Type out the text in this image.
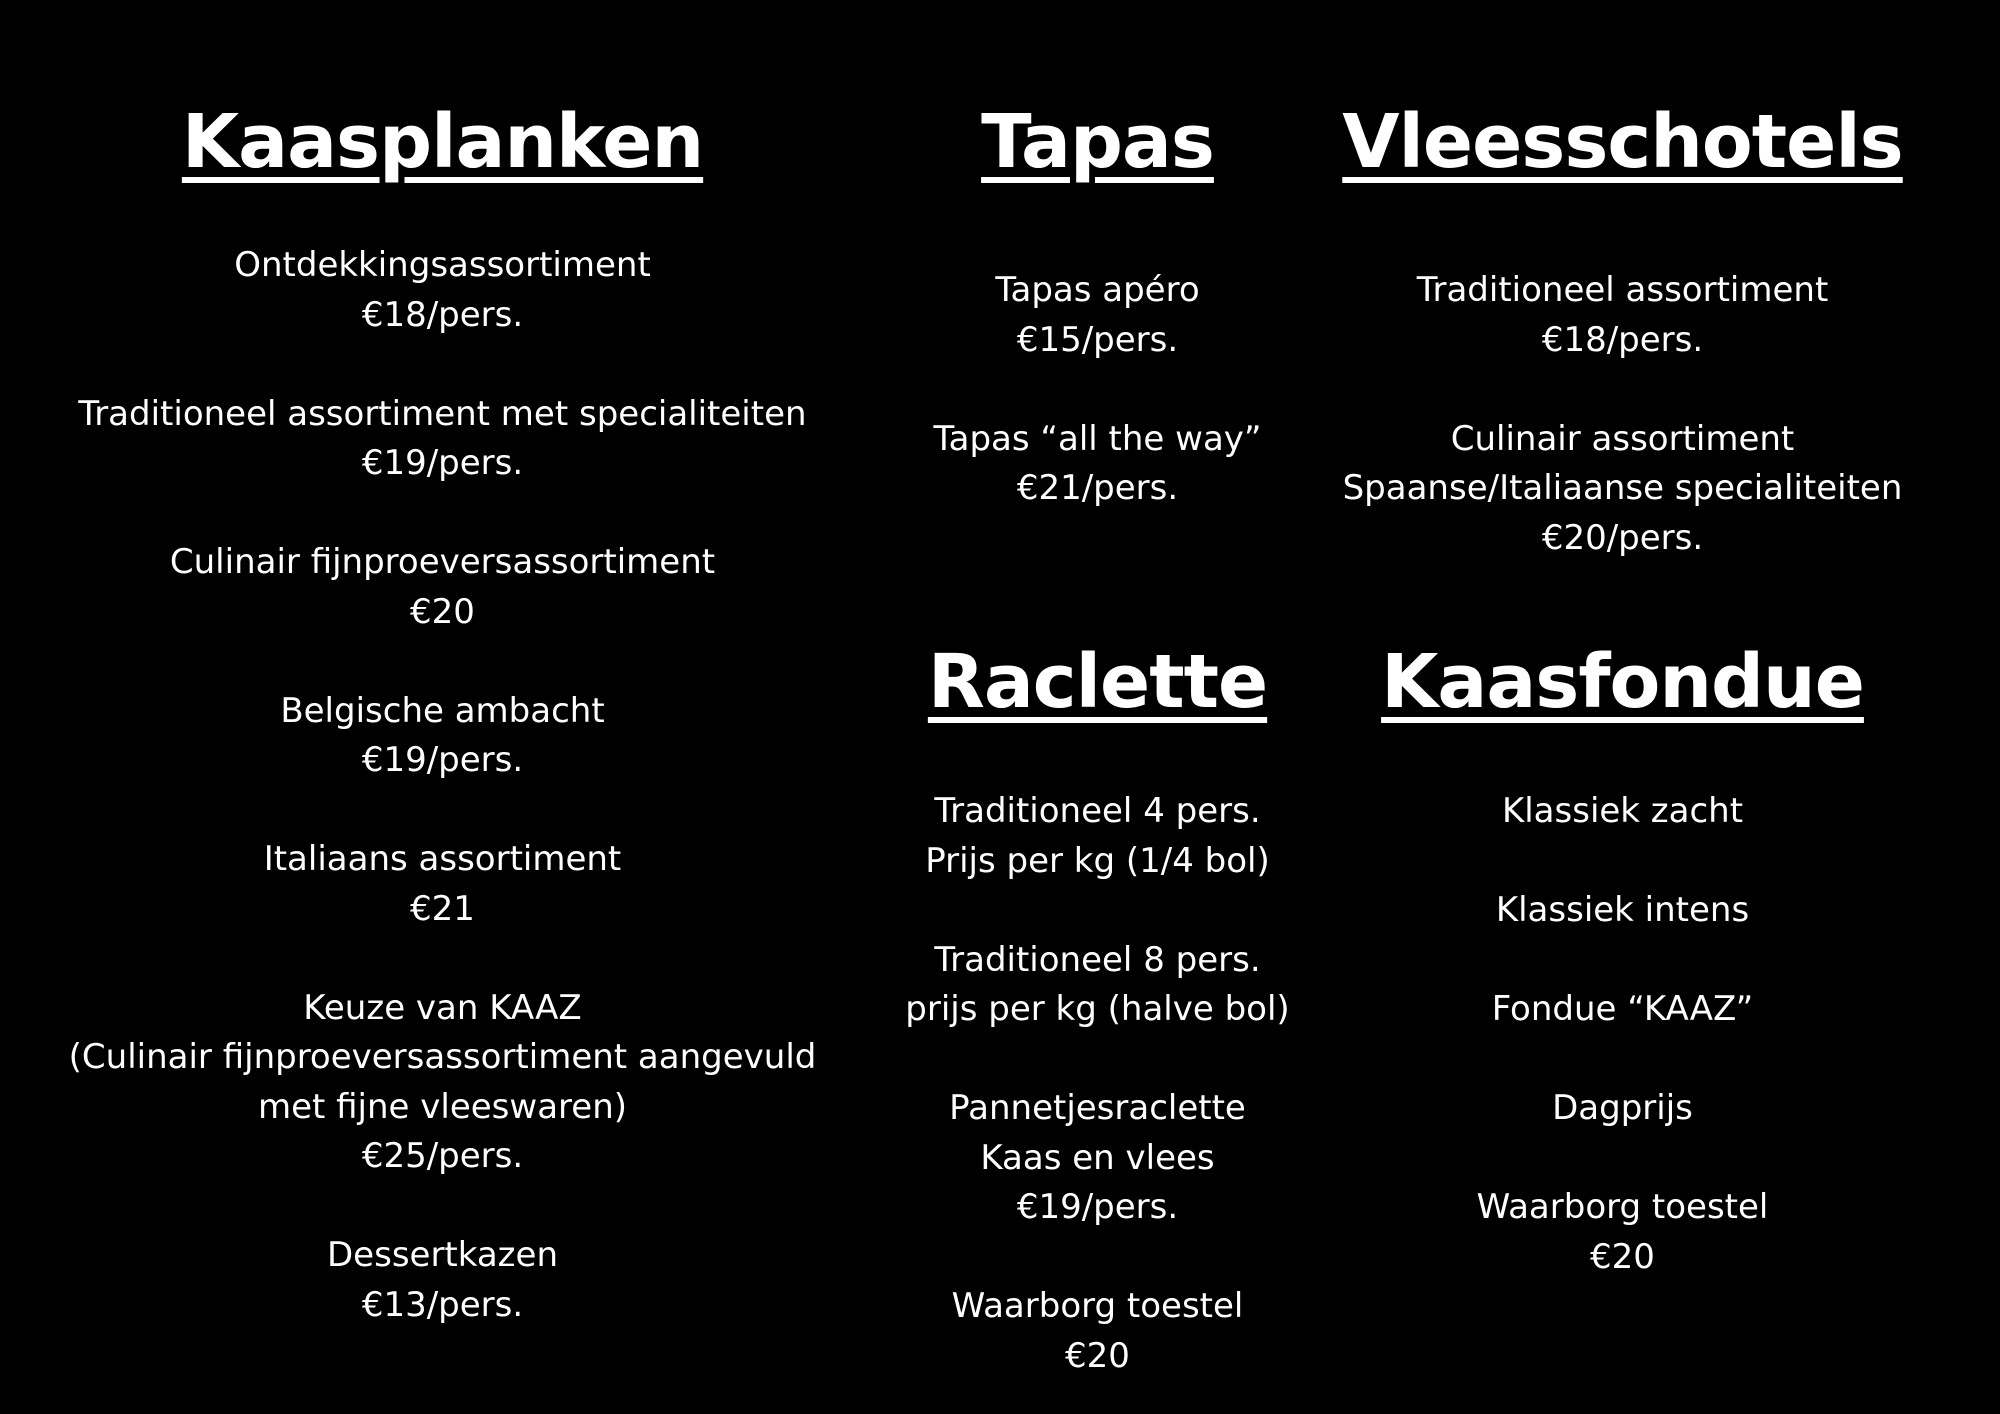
Kaasplanken
Ontdekkingsassortiment
€18/pers.
Traditioneel assortiment met specialiteiten
€19/pers.
Culinair fijnproeversassortiment
€20
Belgische ambacht
€19/pers.
Italiaans assortiment
€21
Keuze van KAAZ
(Culinair fijnproeversassortiment aangevuld
met fijne vleeswaren)
€25/pers.
Dessertkazen
€13/pers.
Tapas
Tapas apéro
€15/pers.
Tapas “all the way”
€21/pers.
Vleesschotels
Traditioneel assortiment
€18/pers.
Culinair assortiment
Spaanse/Italiaanse specialiteiten
€20/pers.
Raclette
Traditioneel 4 pers.
Prijs per kg (1/4 bol)
Traditioneel 8 pers.
prijs per kg (halve bol)
Pannetjesraclette
Kaas en vlees
€19/pers.
Waarborg toestel
€20
Kaasfondue
Klassiek zacht
Klassiek intens
Fondue “KAAZ”
Dagprijs
Waarborg toestel
€20
